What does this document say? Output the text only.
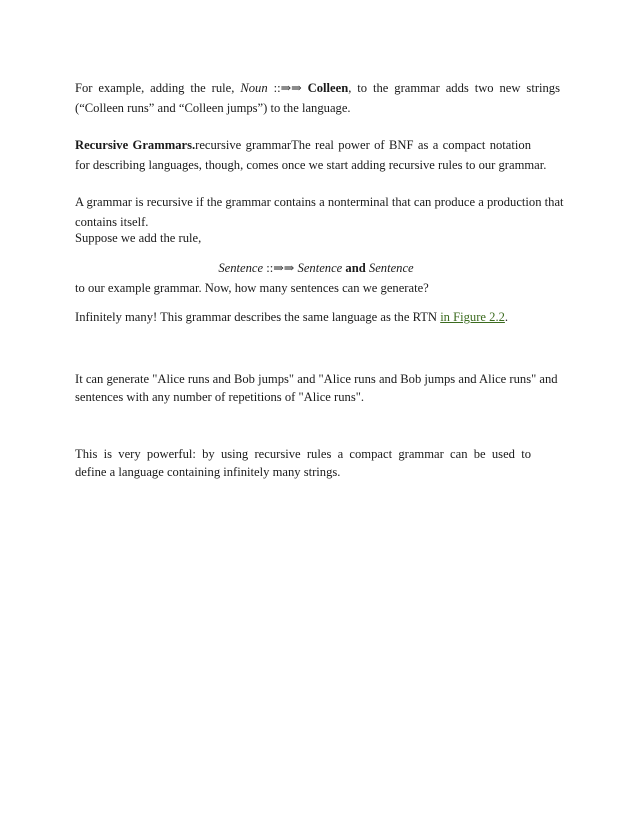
For example, adding the rule, Noun ::⇒⇒ Colleen, to the grammar adds two new strings
(“Colleen runs” and “Colleen jumps”) to the language.
Recursive Grammars.recursive grammarThe real power of BNF as a compact notation
for describing languages, though, comes once we start adding recursive rules to our grammar.
A grammar is recursive if the grammar contains a nonterminal that can produce a production that
contains itself.
Suppose we add the rule,
Sentence ::⇒⇒ Sentence and Sentence
to our example grammar. Now, how many sentences can we generate?
Infinitely many! This grammar describes the same language as the RTN in Figure 2.2.
It can generate "Alice runs and Bob jumps" and "Alice runs and Bob jumps and Alice runs" and
sentences with any number of repetitions of "Alice runs".
This is very powerful: by using recursive rules a compact grammar can be used to
define a language containing infinitely many strings.
